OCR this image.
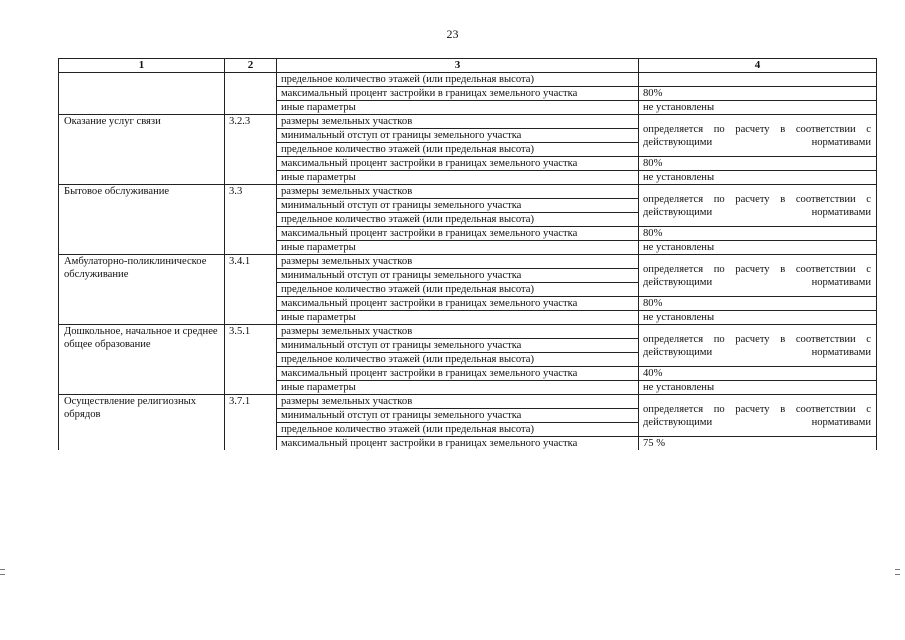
23
1	2	3	4
		предельное количество этажей (или предельная высота)	
		максимальный процент застройки в границах земельного участка	80%
		иные параметры	не установлены
Оказание услуг связи	3.2.3	размеры земельных участков	определяется по расчету в соответствии с действующими нормативами
		минимальный отступ от границы земельного участка	
		предельное количество этажей (или предельная высота)	
		максимальный процент застройки в границах земельного участка	80%
		иные параметры	не установлены
Бытовое обслуживание	3.3	размеры земельных участков	определяется по расчету в соответствии с действующими нормативами
		минимальный отступ от границы земельного участка	
		предельное количество этажей (или предельная высота)	
		максимальный процент застройки в границах земельного участка	80%
		иные параметры	не установлены
Амбулаторно-поликлиническое обслуживание	3.4.1	размеры земельных участков	определяется по расчету в соответствии с действующими нормативами
		минимальный отступ от границы земельного участка	
		предельное количество этажей (или предельная высота)	
		максимальный процент застройки в границах земельного участка	80%
		иные параметры	не установлены
Дошкольное, начальное и среднее общее образование	3.5.1	размеры земельных участков	определяется по расчету в соответствии с действующими нормативами
		минимальный отступ от границы земельного участка	
		предельное количество этажей (или предельная высота)	
		максимальный процент застройки в границах земельного участка	40%
		иные параметры	не установлены
Осуществление религиозных обрядов	3.7.1	размеры земельных участков	определяется по расчету в соответствии с действующими нормативами
		минимальный отступ от границы земельного участка	
		предельное количество этажей (или предельная высота)	
		максимальный процент застройки в границах земельного участка	75 %
